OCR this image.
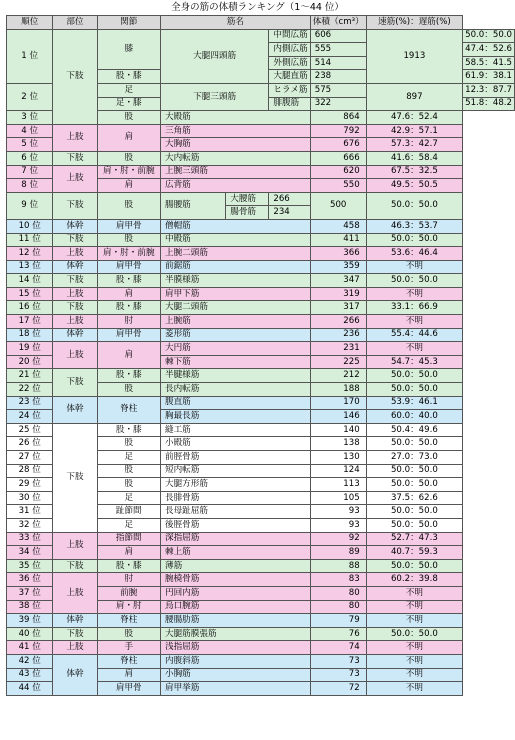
全身の筋の体積ランキング（1〜44 位）
順位	部位	関節	筋名			体積（cm³）	速筋(%)：遅筋(%)	
1 位	下肢	膝	大腿四頭筋		中間広筋	606	1913	50.0：50.0
					内側広筋	555		47.4：52.6
					外側広筋	514		58.5：41.5
		股・膝			大腿直筋	238		61.9：38.1
2 位		足	下腿三頭筋		ヒラメ筋	575	897	12.3：87.7
		足・膝			腓腹筋	322		51.8：48.2
3 位		股	大殿筋			864	47.6：52.4	
4 位	上肢	肩	三角筋			792	42.9：57.1	
5 位			大胸筋			676	57.3：42.7	
6 位	下肢	股	大内転筋			666	41.6：58.4	
7 位	上肢	肩・肘・前腕	上腕三頭筋			620	67.5：32.5	
8 位		肩	広背筋			550	49.5：50.5	
9 位	下肢	股	腸腰筋	大腰筋	266	500	50.0：50.0	
				腸骨筋	234			
10 位	体幹	肩甲骨	僧帽筋			458	46.3：53.7	
11 位	下肢	股	中殿筋			411	50.0：50.0	
12 位	上肢	肩・肘・前腕	上腕二頭筋			366	53.6：46.4	
13 位	体幹	肩甲骨	前鋸筋			359	不明	
14 位	下肢	股・膝	半膜様筋			347	50.0：50.0	
15 位	上肢	肩	肩甲下筋			319	不明	
16 位	下肢	股・膝	大腿二頭筋			317	33.1：66.9	
17 位	上肢	肘	上腕筋			266	不明	
18 位	体幹	肩甲骨	菱形筋			236	55.4：44.6	
19 位	上肢	肩	大円筋			231	不明	
20 位			棘下筋			225	54.7：45.3	
21 位	下肢	股・膝	半腱様筋			212	50.0：50.0	
22 位		股	長内転筋			188	50.0：50.0	
23 位	体幹	脊柱	腹直筋			170	53.9：46.1	
24 位			胸最長筋			146	60.0：40.0	
25 位	下肢	股・膝	縫工筋			140	50.4：49.6	
26 位		股	小殿筋			138	50.0：50.0	
27 位		足	前脛骨筋			130	27.0：73.0	
28 位		股	短内転筋			124	50.0：50.0	
29 位		股	大腿方形筋			113	50.0：50.0	
30 位		足	長腓骨筋			105	37.5：62.6	
31 位		趾節間	長母趾屈筋			93	50.0：50.0	
32 位		足	後脛骨筋			93	50.0：50.0	
33 位	上肢	指節間	深指屈筋			92	52.7：47.3	
34 位		肩	棘上筋			89	40.7：59.3	
35 位	下肢	股・膝	薄筋			88	50.0：50.0	
36 位	上肢	肘	腕橈骨筋			83	60.2：39.8	
37 位		前腕	円回内筋			80	不明	
38 位		肩・肘	烏口腕筋			80	不明	
39 位	体幹	脊柱	腰腸肋筋			79	不明	
40 位	下肢	股	大腿筋膜張筋			76	50.0：50.0	
41 位	上肢	手	浅指屈筋			74	不明	
42 位	体幹	脊柱	内腹斜筋			73	不明	
43 位		肩	小胸筋			73	不明	
44 位		肩甲骨	肩甲挙筋			72	不明	
